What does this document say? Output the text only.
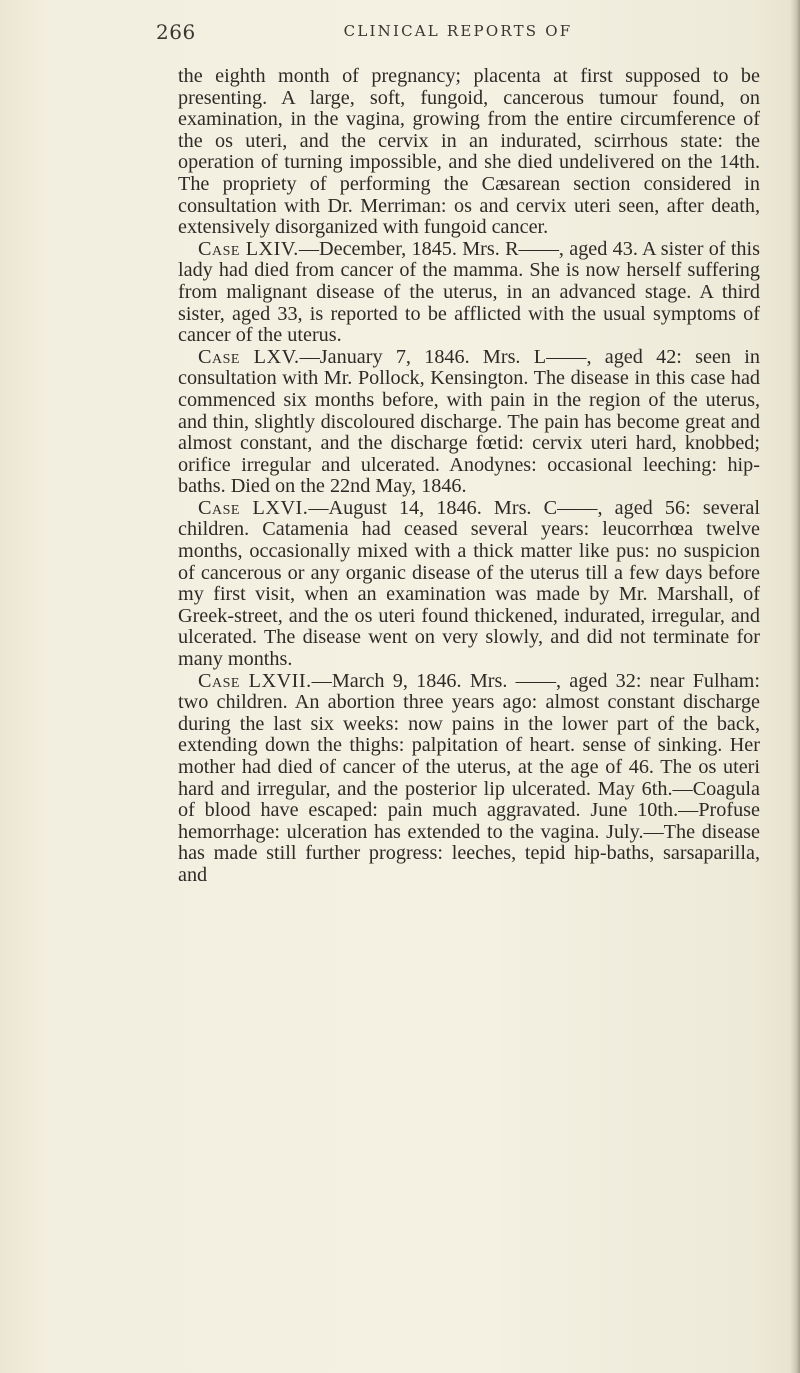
266	CLINICAL REPORTS OF

the eighth month of pregnancy; placenta at first supposed to be presenting. A large, soft, fungoid, cancerous tumour found, on examination, in the vagina, growing from the entire circumference of the os uteri, and the cervix in an indurated, scirrhous state: the operation of turning impossible, and she died undelivered on the 14th. The propriety of performing the Cæsarean section considered in consultation with Dr. Merriman: os and cervix uteri seen, after death, extensively disorganized with fungoid cancer.

Case LXIV.—December, 1845. Mrs. R——, aged 43. A sister of this lady had died from cancer of the mamma. She is now herself suffering from malignant disease of the uterus, in an advanced stage. A third sister, aged 33, is reported to be afflicted with the usual symptoms of cancer of the uterus.

Case LXV.—January 7, 1846. Mrs. L——, aged 42: seen in consultation with Mr. Pollock, Kensington. The disease in this case had commenced six months before, with pain in the region of the uterus, and thin, slightly discoloured discharge. The pain has become great and almost constant, and the discharge fœtid: cervix uteri hard, knobbed; orifice irregular and ulcerated. Anodynes: occasional leeching: hip-baths. Died on the 22nd May, 1846.

Case LXVI.—August 14, 1846. Mrs. C——, aged 56: several children. Catamenia had ceased several years: leucorrhœa twelve months, occasionally mixed with a thick matter like pus: no suspicion of cancerous or any organic disease of the uterus till a few days before my first visit, when an examination was made by Mr. Marshall, of Greek-street, and the os uteri found thickened, indurated, irregular, and ulcerated. The disease went on very slowly, and did not terminate for many months.

Case LXVII.—March 9, 1846. Mrs. ——, aged 32: near Fulham: two children. An abortion three years ago: almost constant discharge during the last six weeks: now pains in the lower part of the back, extending down the thighs: palpitation of heart. sense of sinking. Her mother had died of cancer of the uterus, at the age of 46. The os uteri hard and irregular, and the posterior lip ulcerated. May 6th.—Coagula of blood have escaped: pain much aggravated. June 10th.—Profuse hemorrhage: ulceration has extended to the vagina. July.—The disease has made still further progress: leeches, tepid hip-baths, sarsaparilla, and
